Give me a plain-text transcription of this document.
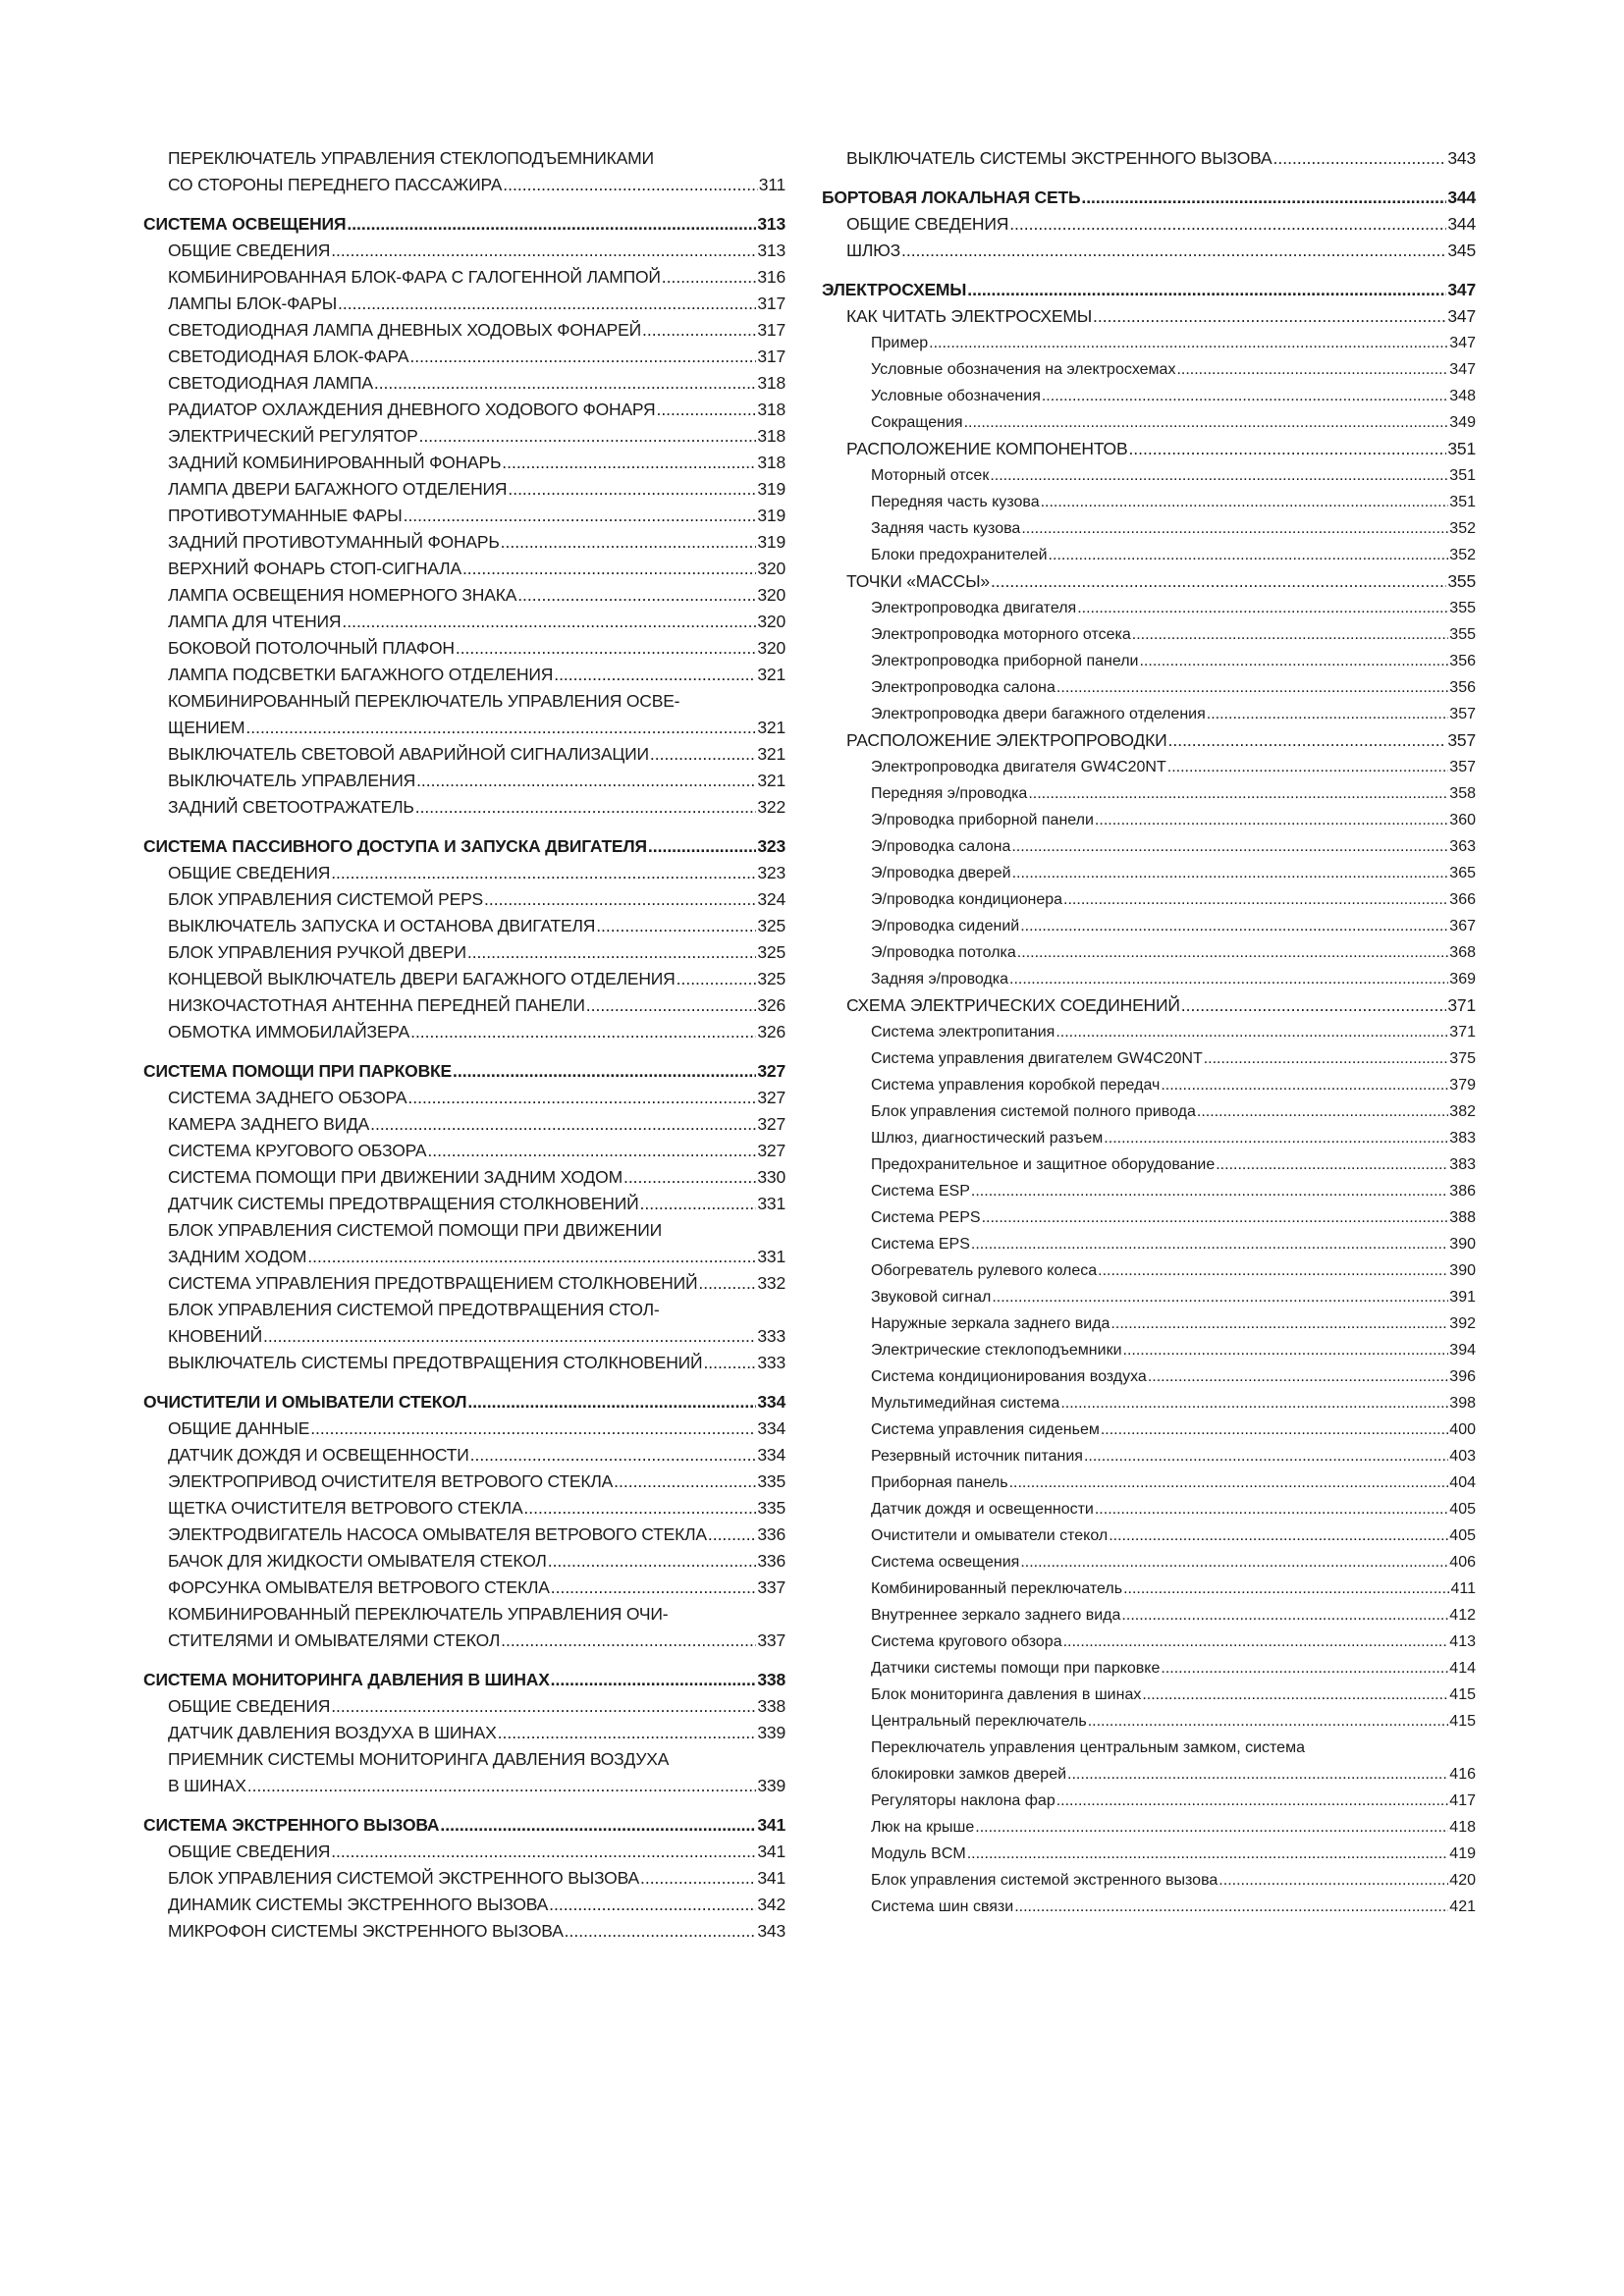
ПЕРЕКЛЮЧАТЕЛЬ УПРАВЛЕНИЯ СТЕКЛОПОДЪЕМНИКАМИ
СО СТОРОНЫ ПЕРЕДНЕГО ПАССАЖИРА .....	311
СИСТЕМА ОСВЕЩЕНИЯ .....	313
ОБЩИЕ СВЕДЕНИЯ .....	313
КОМБИНИРОВАННАЯ БЛОК-ФАРА С ГАЛОГЕННОЙ ЛАМПОЙ .....	316
ЛАМПЫ БЛОК-ФАРЫ .....	317
СВЕТОДИОДНАЯ ЛАМПА ДНЕВНЫХ ХОДОВЫХ ФОНАРЕЙ .....	317
СВЕТОДИОДНАЯ БЛОК-ФАРА .....	317
СВЕТОДИОДНАЯ ЛАМПА .....	318
РАДИАТОР ОХЛАЖДЕНИЯ ДНЕВНОГО ХОДОВОГО ФОНАРЯ .....	318
ЭЛЕКТРИЧЕСКИЙ РЕГУЛЯТОР .....	318
ЗАДНИЙ КОМБИНИРОВАННЫЙ ФОНАРЬ .....	318
ЛАМПА ДВЕРИ БАГАЖНОГО ОТДЕЛЕНИЯ .....	319
ПРОТИВОТУМАННЫЕ ФАРЫ .....	319
ЗАДНИЙ ПРОТИВОТУМАННЫЙ ФОНАРЬ .....	319
ВЕРХНИЙ ФОНАРЬ СТОП-СИГНАЛА .....	320
ЛАМПА ОСВЕЩЕНИЯ НОМЕРНОГО ЗНАКА .....	320
ЛАМПА ДЛЯ ЧТЕНИЯ .....	320
БОКОВОЙ ПОТОЛОЧНЫЙ ПЛАФОН .....	320
ЛАМПА ПОДСВЕТКИ БАГАЖНОГО ОТДЕЛЕНИЯ .....	321
КОМБИНИРОВАННЫЙ ПЕРЕКЛЮЧАТЕЛЬ УПРАВЛЕНИЯ ОСВЕ-
ЩЕНИЕМ .....	321
ВЫКЛЮЧАТЕЛЬ СВЕТОВОЙ АВАРИЙНОЙ СИГНАЛИЗАЦИИ .....	321
ВЫКЛЮЧАТЕЛЬ УПРАВЛЕНИЯ .....	321
ЗАДНИЙ СВЕТООТРАЖАТЕЛЬ .....	322
СИСТЕМА ПАССИВНОГО ДОСТУПА И ЗАПУСКА ДВИГАТЕЛЯ .....	323
ОБЩИЕ СВЕДЕНИЯ .....	323
БЛОК УПРАВЛЕНИЯ СИСТЕМОЙ PEPS .....	324
ВЫКЛЮЧАТЕЛЬ ЗАПУСКА И ОСТАНОВА ДВИГАТЕЛЯ .....	325
БЛОК УПРАВЛЕНИЯ РУЧКОЙ ДВЕРИ .....	325
КОНЦЕВОЙ ВЫКЛЮЧАТЕЛЬ ДВЕРИ БАГАЖНОГО ОТДЕЛЕНИЯ .....	325
НИЗКОЧАСТОТНАЯ АНТЕННА ПЕРЕДНЕЙ ПАНЕЛИ .....	326
ОБМОТКА ИММОБИЛАЙЗЕРА .....	326
СИСТЕМА ПОМОЩИ ПРИ ПАРКОВКЕ .....	327
СИСТЕМА ЗАДНЕГО ОБЗОРА .....	327
КАМЕРА ЗАДНЕГО ВИДА .....	327
СИСТЕМА КРУГОВОГО ОБЗОРА .....	327
СИСТЕМА ПОМОЩИ ПРИ ДВИЖЕНИИ ЗАДНИМ ХОДОМ .....	330
ДАТЧИК СИСТЕМЫ ПРЕДОТВРАЩЕНИЯ СТОЛКНОВЕНИЙ .....	331
БЛОК УПРАВЛЕНИЯ СИСТЕМОЙ ПОМОЩИ ПРИ ДВИЖЕНИИ
ЗАДНИМ ХОДОМ .....	331
СИСТЕМА УПРАВЛЕНИЯ ПРЕДОТВРАЩЕНИЕМ СТОЛКНОВЕНИЙ .....	332
БЛОК УПРАВЛЕНИЯ СИСТЕМОЙ ПРЕДОТВРАЩЕНИЯ СТОЛ-
КНОВЕНИЙ .....	333
ВЫКЛЮЧАТЕЛЬ СИСТЕМЫ ПРЕДОТВРАЩЕНИЯ СТОЛКНОВЕНИЙ .....	333
ОЧИСТИТЕЛИ И ОМЫВАТЕЛИ СТЕКОЛ .....	334
ОБЩИЕ ДАННЫЕ .....	334
ДАТЧИК ДОЖДЯ И ОСВЕЩЕННОСТИ .....	334
ЭЛЕКТРОПРИВОД ОЧИСТИТЕЛЯ ВЕТРОВОГО СТЕКЛА .....	335
ЩЕТКА ОЧИСТИТЕЛЯ ВЕТРОВОГО СТЕКЛА .....	335
ЭЛЕКТРОДВИГАТЕЛЬ НАСОСА ОМЫВАТЕЛЯ ВЕТРОВОГО СТЕКЛА .....	336
БАЧОК ДЛЯ ЖИДКОСТИ ОМЫВАТЕЛЯ СТЕКОЛ .....	336
ФОРСУНКА ОМЫВАТЕЛЯ ВЕТРОВОГО СТЕКЛА .....	337
КОМБИНИРОВАННЫЙ ПЕРЕКЛЮЧАТЕЛЬ УПРАВЛЕНИЯ ОЧИ-
СТИТЕЛЯМИ И ОМЫВАТЕЛЯМИ СТЕКОЛ .....	337
СИСТЕМА МОНИТОРИНГА ДАВЛЕНИЯ В ШИНАХ .....	338
ОБЩИЕ СВЕДЕНИЯ .....	338
ДАТЧИК ДАВЛЕНИЯ ВОЗДУХА В ШИНАХ .....	339
ПРИЕМНИК СИСТЕМЫ МОНИТОРИНГА ДАВЛЕНИЯ ВОЗДУХА
В ШИНАХ .....	339
СИСТЕМА ЭКСТРЕННОГО ВЫЗОВА .....	341
ОБЩИЕ СВЕДЕНИЯ .....	341
БЛОК УПРАВЛЕНИЯ СИСТЕМОЙ ЭКСТРЕННОГО ВЫЗОВА .....	341
ДИНАМИК СИСТЕМЫ ЭКСТРЕННОГО ВЫЗОВА .....	342
МИКРОФОН СИСТЕМЫ ЭКСТРЕННОГО ВЫЗОВА .....	343
ВЫКЛЮЧАТЕЛЬ СИСТЕМЫ ЭКСТРЕННОГО ВЫЗОВА .....	343
БОРТОВАЯ ЛОКАЛЬНАЯ СЕТЬ .....	344
ОБЩИЕ СВЕДЕНИЯ .....	344
ШЛЮЗ .....	345
ЭЛЕКТРОСХЕМЫ .....	347
КАК ЧИТАТЬ ЭЛЕКТРОСХЕМЫ .....	347
Пример .....	347
Условные обозначения на электросхемах .....	347
Условные обозначения .....	348
Сокращения .....	349
РАСПОЛОЖЕНИЕ КОМПОНЕНТОВ .....	351
Моторный отсек .....	351
Передняя часть кузова .....	351
Задняя часть кузова .....	352
Блоки предохранителей .....	352
ТОЧКИ «МАССЫ» .....	355
Электропроводка двигателя .....	355
Электропроводка моторного отсека .....	355
Электропроводка приборной панели .....	356
Электропроводка салона .....	356
Электропроводка двери багажного отделения .....	357
РАСПОЛОЖЕНИЕ ЭЛЕКТРОПРОВОДКИ .....	357
Электропроводка двигателя GW4C20NT .....	357
Передняя э/проводка .....	358
Э/проводка приборной панели .....	360
Э/проводка салона .....	363
Э/проводка дверей .....	365
Э/проводка кондиционера .....	366
Э/проводка сидений .....	367
Э/проводка потолка .....	368
Задняя э/проводка .....	369
СХЕМА ЭЛЕКТРИЧЕСКИХ СОЕДИНЕНИЙ .....	371
Система электропитания .....	371
Система управления двигателем GW4C20NT .....	375
Система управления коробкой передач .....	379
Блок управления системой полного привода .....	382
Шлюз, диагностический разъем .....	383
Предохранительное и защитное оборудование .....	383
Система ESP .....	386
Система PEPS .....	388
Система EPS .....	390
Обогреватель рулевого колеса .....	390
Звуковой сигнал .....	391
Наружные зеркала заднего вида .....	392
Электрические стеклоподъемники .....	394
Система кондиционирования воздуха .....	396
Мультимедийная система .....	398
Система управления сиденьем .....	400
Резервный источник питания .....	403
Приборная панель .....	404
Датчик дождя и освещенности .....	405
Очистители и омыватели стекол .....	405
Система освещения .....	406
Комбинированный переключатель .....	411
Внутреннее зеркало заднего вида .....	412
Система кругового обзора .....	413
Датчики системы помощи при парковке .....	414
Блок мониторинга давления в шинах .....	415
Центральный переключатель .....	415
Переключатель управления центральным замком, система
блокировки замков дверей .....	416
Регуляторы наклона фар .....	417
Люк на крыше .....	418
Модуль BCM .....	419
Блок управления системой экстренного вызова .....	420
Система шин связи .....	421
